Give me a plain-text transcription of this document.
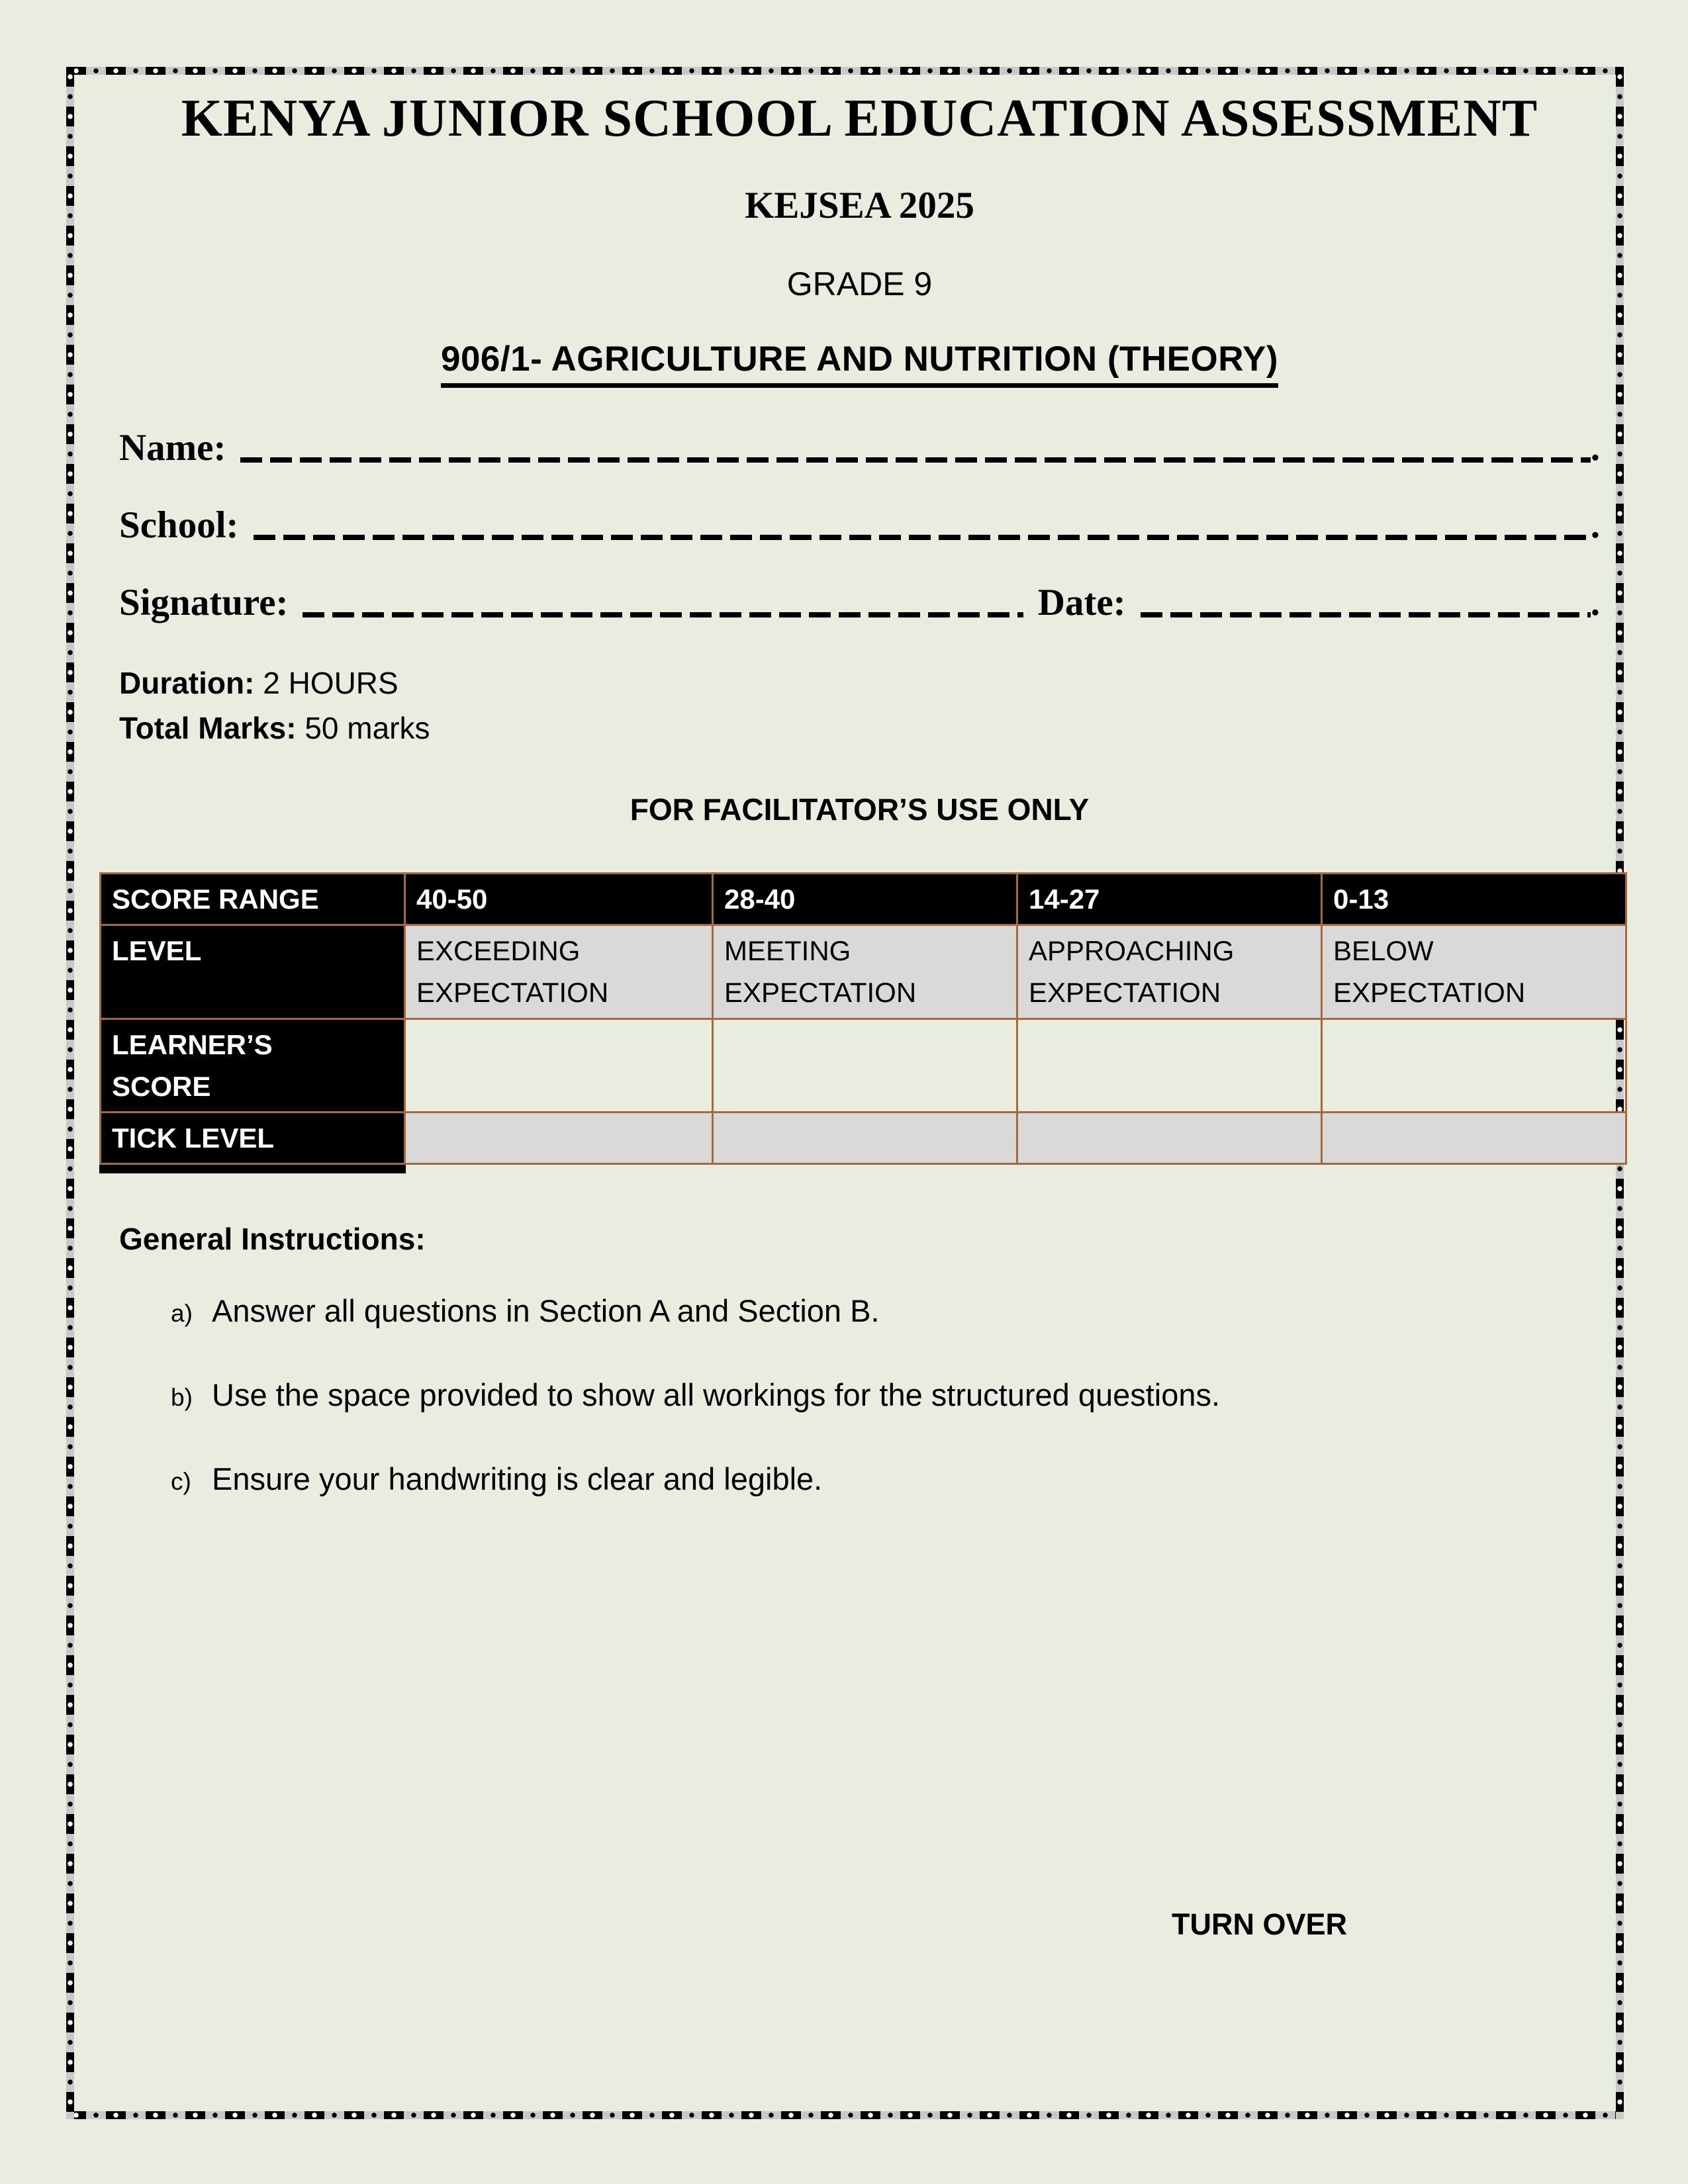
KENYA JUNIOR SCHOOL EDUCATION ASSESSMENT
KEJSEA 2025
GRADE 9
906/1- AGRICULTURE AND NUTRITION (THEORY)
Name:	.
School:	.
Signature:	Date:	.
Duration: 2 HOURS
Total Marks: 50 marks
FOR FACILITATOR’S USE ONLY
SCORE RANGE	40-50	28-40	14-27	0-13
LEVEL	EXCEEDING EXPECTATION	MEETING EXPECTATION	APPROACHING EXPECTATION	BELOW EXPECTATION
LEARNER’S SCORE				
TICK LEVEL				
General Instructions:
a) Answer all questions in Section A and Section B.
b) Use the space provided to show all workings for the structured questions.
c) Ensure your handwriting is clear and legible.
TURN OVER
